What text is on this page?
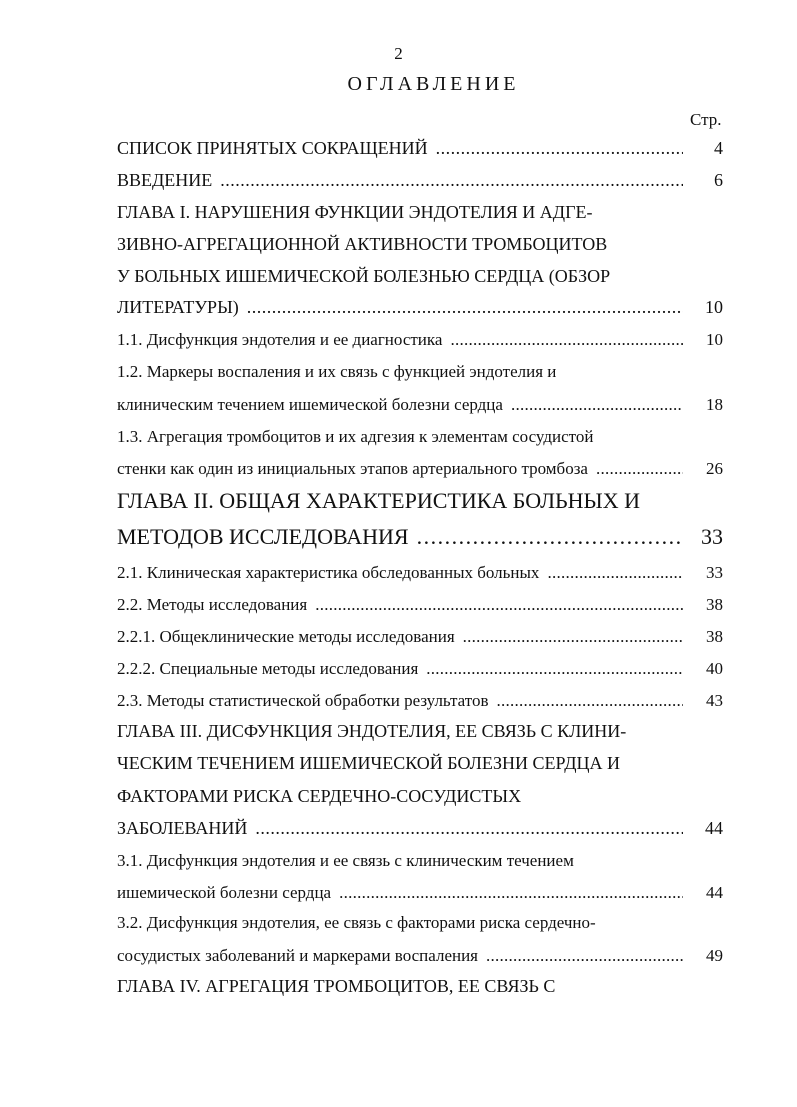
2
ОГЛАВЛЕНИЕ
Стр.
СПИСОК ПРИНЯТЫХ СОКРАЩЕНИЙ . . .	4
ВВЕДЕНИЕ . . .	6
ГЛАВА I. НАРУШЕНИЯ ФУНКЦИИ ЭНДОТЕЛИЯ И АДГЕ-
ЗИВНО-АГРЕГАЦИОННОЙ АКТИВНОСТИ ТРОМБОЦИТОВ
У БОЛЬНЫХ ИШЕМИЧЕСКОЙ БОЛЕЗНЬЮ СЕРДЦА (ОБЗОР
ЛИТЕРАТУРЫ) . . .	10
1.1. Дисфункция эндотелия и ее диагностика . . .	10
1.2. Маркеры воспаления и их связь с функцией эндотелия и
клиническим течением ишемической болезни сердца . . .	18
1.3. Агрегация тромбоцитов и их адгезия к элементам сосудистой
стенки как один из инициальных этапов артериального тромбоза . . .	26
ГЛАВА II. ОБЩАЯ ХАРАКТЕРИСТИКА БОЛЬНЫХ И
МЕТОДОВ ИССЛЕДОВАНИЯ . . .	33
2.1. Клиническая характеристика обследованных больных . . .	33
2.2. Методы исследования . . .	38
2.2.1. Общеклинические методы исследования . . .	38
2.2.2. Специальные методы исследования . . .	40
2.3. Методы статистической обработки результатов . . .	43
ГЛАВА III. ДИСФУНКЦИЯ ЭНДОТЕЛИЯ, ЕЕ СВЯЗЬ С КЛИНИ-
ЧЕСКИМ ТЕЧЕНИЕМ ИШЕМИЧЕСКОЙ БОЛЕЗНИ СЕРДЦА И
ФАКТОРАМИ РИСКА СЕРДЕЧНО-СОСУДИСТЫХ
ЗАБОЛЕВАНИЙ . . .	44
3.1. Дисфункция эндотелия и ее связь с клиническим течением
ишемической болезни сердца . . .	44
3.2. Дисфункция эндотелия, ее связь с факторами риска сердечно-
сосудистых заболеваний и маркерами воспаления . . .	49
ГЛАВА IV. АГРЕГАЦИЯ ТРОМБОЦИТОВ, ЕЕ СВЯЗЬ С
